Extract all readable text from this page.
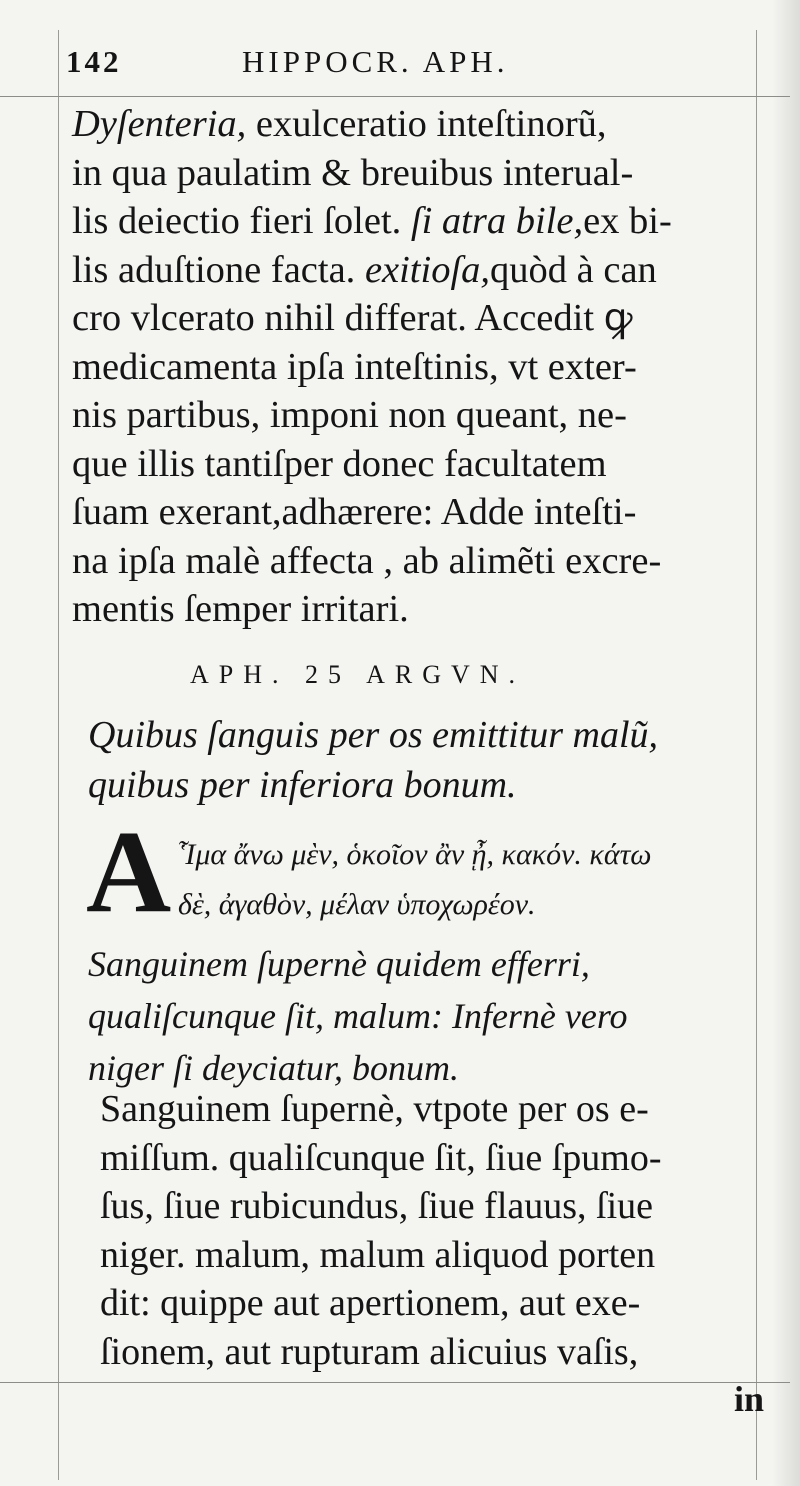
142	HIPPOCR. APH.
Dyſenteria, exulceratio inteſtinorũ,
in qua paulatim & breuibus interual-
lis deiectio fieri ſolet. ſi atra bile,ex bi-
lis aduſtione facta. exitioſa,quòd à can
cro vlcerato nihil differat. Accedit ꝙ
medicamenta ipſa inteſtinis, vt exter-
nis partibus, imponi non queant, ne-
que illis tantiſper donec facultatem
ſuam exerant,adhærere: Adde inteſti-
na ipſa malè affecta , ab alimẽti excre-
mentis ſemper irritari.
APH. 25 ARGVN.
Quibus ſanguis per os emittitur malũ,
quibus per inferiora bonum.
A Ἷμα ἄνω μὲν, ὁκοῖον ἂν ᾖ, κακόν. κάτω
δὲ, ἀγαθὸν, μέλαν ὑποχωρέον.
Sanguinem ſupernè quidem efferri,
qualiſcunque ſit, malum: Infernè vero
niger ſi deyciatur, bonum.
Sanguinem ſupernè, vtpote per os e-
miſſum. qualiſcunque ſit, ſiue ſpumo-
ſus, ſiue rubicundus, ſiue flauus, ſiue
niger. malum, malum aliquod porten
dit: quippe aut apertionem, aut exe-
ſionem, aut rupturam alicuius vaſis,
in
